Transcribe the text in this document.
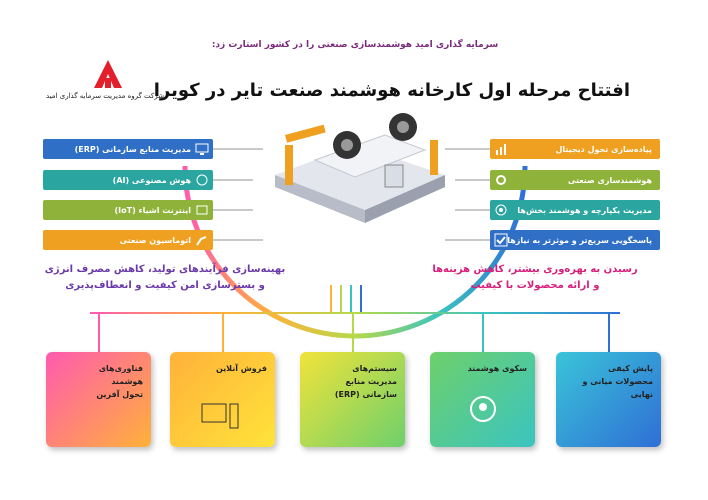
سرمایه گذاری امید هوشمندسازی صنعتی را در کشور استارت زد:
افتتاح مرحله اول کارخانه هوشمند صنعت تایر در کویرا
شرکت گروه مدیریت سرمایه گذاری امید
مدیریت منابع سازمانی (ERP)
هوش مصنوعی (AI)
اینترنت اشیاء (IoT)
اتوماسیون صنعتی
پیاده‌سازی تحول دیجیتال
هوشمندسازی صنعتی
مدیریت یکپارچه و هوشمند بخش‌ها
پاسخگویی سریع‌تر و موثرتر به نیازها
بهینه‌سازی فرآیندهای تولید، کاهش مصرف انرژی
و بسترسازی امن کیفیت و انعطاف‌پذیری
رسیدن به بهره‌وری بیشتر، کاهش هزینه‌ها
و ارائه محصولات با کیفیت
فناوری‌های
هوشمند
تحول آفرین
فروش آنلاین	سیستم‌های
مدیریت منابع
سازمانی (ERP)
سکوی هوشمند	پایش کیفی
محصولات میانی و
نهایی
